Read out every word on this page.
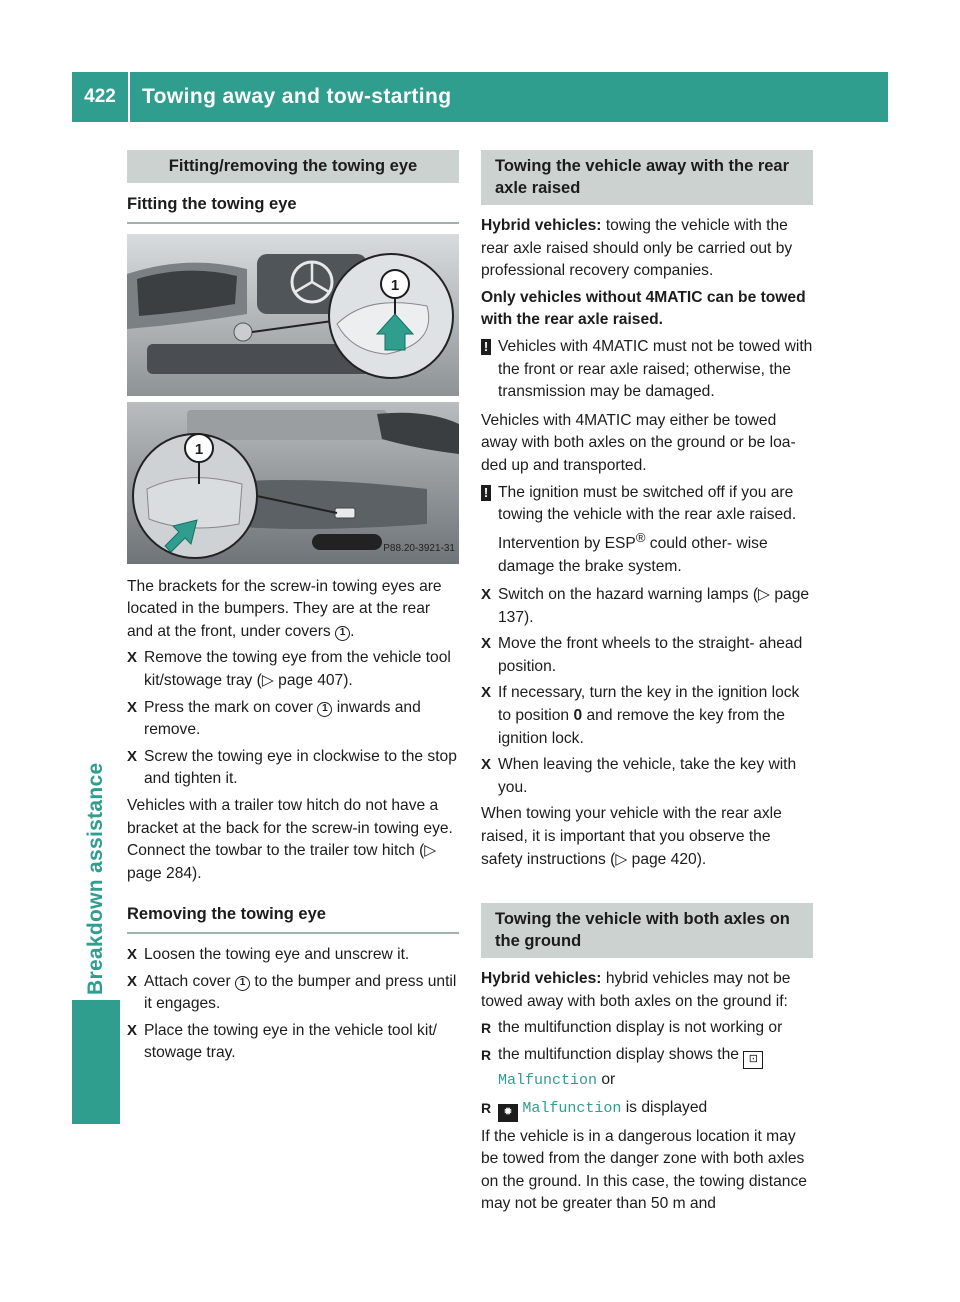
422	Towing away and tow-starting
Breakdown assistance
Fitting/removing the towing eye
Fitting the towing eye
1
1
P88.20-3921-31

The brackets for the screw-in towing eyes are located in the bumpers. They are at the rear and at the front, under covers 1 .

X Remove the towing eye from the vehicle tool kit/stowage tray (▷ page 407).
X Press the mark on cover 1 inwards and remove.
X Screw the towing eye in clockwise to the stop and tighten it.

Vehicles with a trailer tow hitch do not have a bracket at the back for the screw-in towing eye. Connect the towbar to the trailer tow hitch (▷ page 284).

Removing the towing eye
X Loosen the towing eye and unscrew it.
X Attach cover 1 to the bumper and press until it engages.
X Place the towing eye in the vehicle tool kit/ stowage tray.
Towing the vehicle away with the rear axle raised

Hybrid vehicles: towing the vehicle with the rear axle raised should only be carried out by professional recovery companies.

Only vehicles without 4MATIC can be towed with the rear axle raised.

! Vehicles with 4MATIC must not be towed with the front or rear axle raised; otherwise, the transmission may be damaged.

Vehicles with 4MATIC may either be towed away with both axles on the ground or be loa- ded up and transported.

! The ignition must be switched off if you are towing the vehicle with the rear axle raised. Intervention by ESP® could other- wise damage the brake system.
X Switch on the hazard warning lamps (▷ page 137).
X Move the front wheels to the straight- ahead position.
X If necessary, turn the key in the ignition lock to position 0 and remove the key from the ignition lock.
X When leaving the vehicle, take the key with you.

When towing your vehicle with the rear axle raised, it is important that you observe the safety instructions (▷ page 420).

Towing the vehicle with both axles on the ground

Hybrid vehicles: hybrid vehicles may not be towed away with both axles on the ground if:

R the multifunction display is not working or
R the multifunction display shows the ⊡
Malfunction or
R ✹ Malfunction is displayed

If the vehicle is in a dangerous location it may be towed from the danger zone with both axles on the ground. In this case, the towing distance may not be greater than 50 m and
